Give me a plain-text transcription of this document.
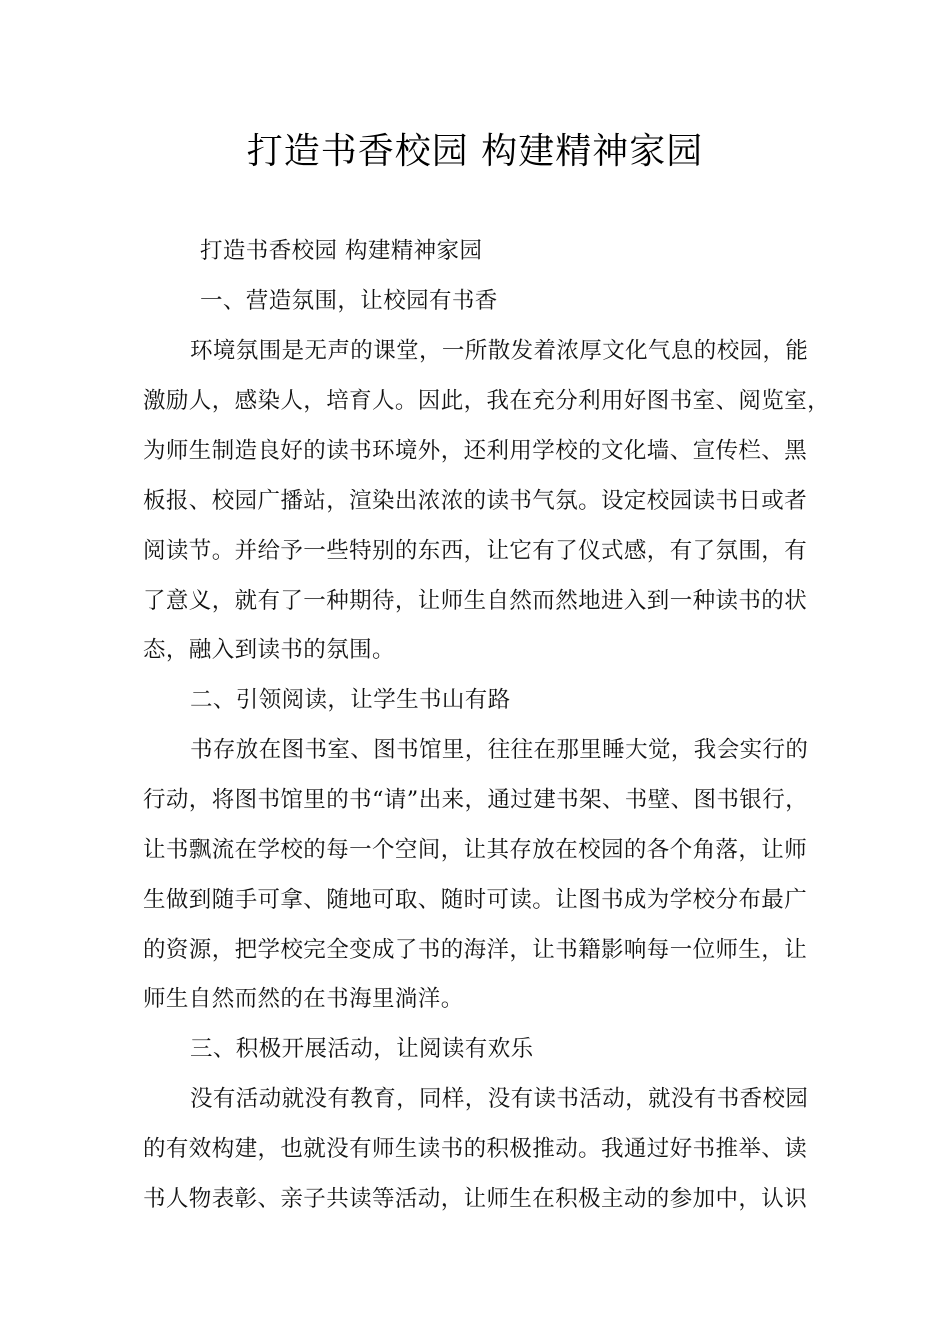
打造书香校园 构建精神家园
打造书香校园 构建精神家园
一、营造氛围，让校园有书香
环境氛围是无声的课堂，一所散发着浓厚文化气息的校园，能
激励人，感染人，培育人。因此，我在充分利用好图书室、阅览室，
为师生制造良好的读书环境外，还利用学校的文化墙、宣传栏、黑
板报、校园广播站，渲染出浓浓的读书气氛。设定校园读书日或者
阅读节。并给予一些特别的东西，让它有了仪式感，有了氛围，有
了意义，就有了一种期待，让师生自然而然地进入到一种读书的状
态，融入到读书的氛围。
二、引领阅读，让学生书山有路
书存放在图书室、图书馆里，往往在那里睡大觉，我会实行的
行动，将图书馆里的书“请”出来，通过建书架、书壁、图书银行，
让书飘流在学校的每一个空间，让其存放在校园的各个角落，让师
生做到随手可拿、随地可取、随时可读。让图书成为学校分布最广
的资源，把学校完全变成了书的海洋，让书籍影响每一位师生，让
师生自然而然的在书海里淌洋。
三、积极开展活动，让阅读有欢乐
没有活动就没有教育，同样，没有读书活动，就没有书香校园
的有效构建，也就没有师生读书的积极推动。我通过好书推举、读
书人物表彰、亲子共读等活动，让师生在积极主动的参加中，认识
